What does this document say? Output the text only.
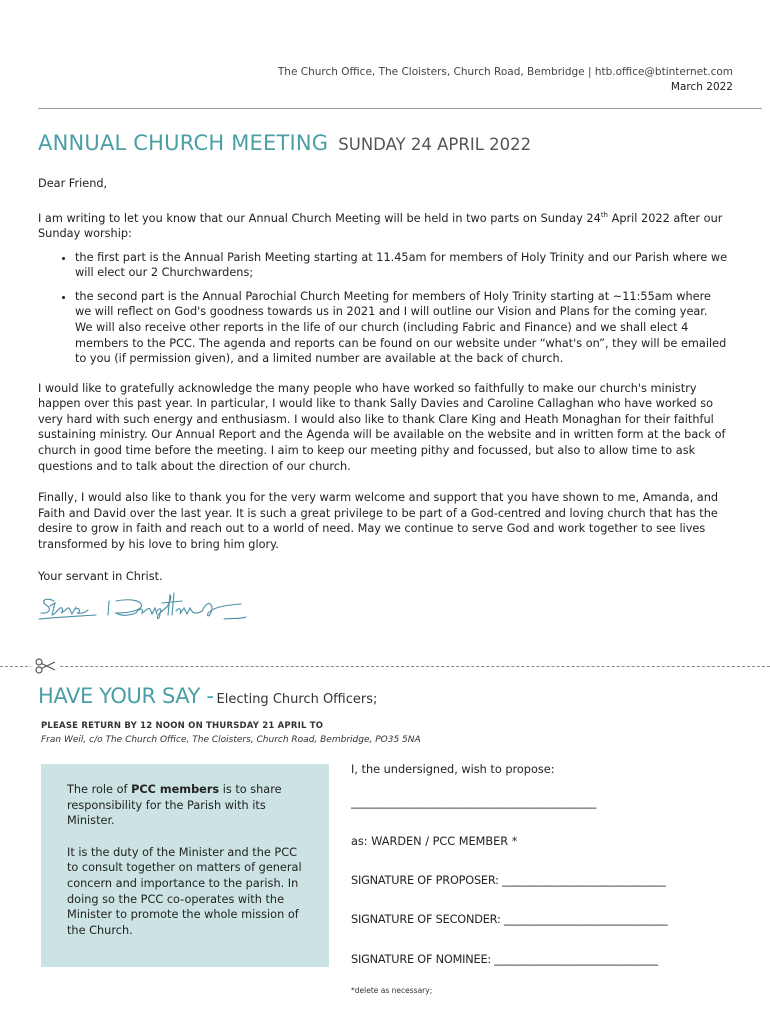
The Church Office, The Cloisters, Church Road, Bembridge | htb.office@btinternet.com
March 2022
ANNUAL CHURCH MEETING SUNDAY 24 APRIL 2022

Dear Friend,

I am writing to let you know that our Annual Church Meeting will be held in two parts on Sunday 24th April 2022 after our Sunday worship:

• the first part is the Annual Parish Meeting starting at 11.45am for members of Holy Trinity and our Parish where we will elect our 2 Churchwardens;
• the second part is the Annual Parochial Church Meeting for members of Holy Trinity starting at ~11:55am where we will reflect on God's goodness towards us in 2021 and I will outline our Vision and Plans for the coming year. We will also receive other reports in the life of our church (including Fabric and Finance) and we shall elect 4 members to the PCC. The agenda and reports can be found on our website under “what's on”, they will be emailed to you (if permission given), and a limited number are available at the back of church.

I would like to gratefully acknowledge the many people who have worked so faithfully to make our church's ministry happen over this past year. In particular, I would like to thank Sally Davies and Caroline Callaghan who have worked so very hard with such energy and enthusiasm. I would also like to thank Clare King and Heath Monaghan for their faithful sustaining ministry. Our Annual Report and the Agenda will be available on the website and in written form at the back of church in good time before the meeting. I aim to keep our meeting pithy and focussed, but also to allow time to ask questions and to talk about the direction of our church.

Finally, I would also like to thank you for the very warm welcome and support that you have shown to me, Amanda, and Faith and David over the last year. It is such a great privilege to be part of a God-centred and loving church that has the desire to grow in faith and reach out to a world of need. May we continue to serve God and work together to see lives transformed by his love to bring him glory.

Your servant in Christ.

HAVE YOUR SAY - Electing Church Officers;
PLEASE RETURN BY 12 NOON ON THURSDAY 21 APRIL TO
Fran Weil, c/o The Church Office, The Cloisters, Church Road, Bembridge, PO35 5NA

The role of PCC members is to share responsibility for the Parish with its Minister.

It is the duty of the Minister and the PCC to consult together on matters of general concern and importance to the parish. In doing so the PCC co-operates with the Minister to promote the whole mission of the Church.

I, the undersigned, wish to propose:
_____________________________________________
as: WARDEN / PCC MEMBER *
SIGNATURE OF PROPOSER: ______________________________
SIGNATURE OF SECONDER: ______________________________
SIGNATURE OF NOMINEE: ______________________________
*delete as necessary;
